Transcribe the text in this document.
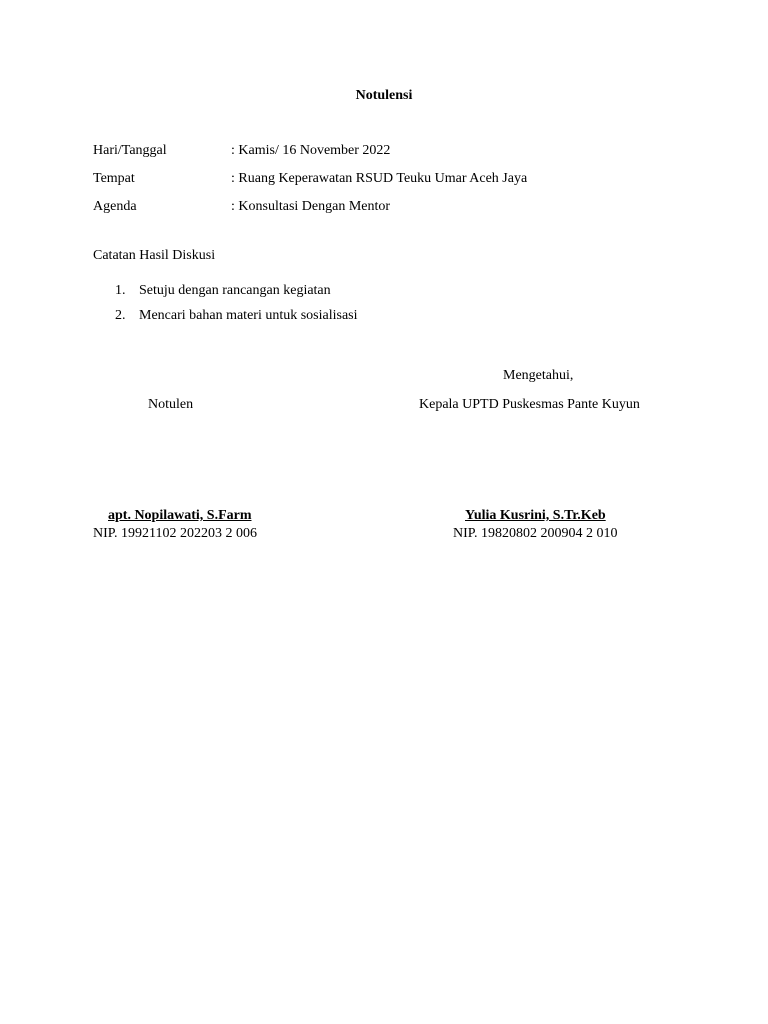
Notulensi
Hari/Tanggal	: Kamis/ 16 November 2022
Tempat	: Ruang Keperawatan RSUD Teuku Umar Aceh Jaya
Agenda	: Konsultasi Dengan Mentor
Catatan Hasil Diskusi
1. Setuju dengan rancangan kegiatan
2. Mencari bahan materi untuk sosialisasi
Mengetahui,
Notulen	Kepala UPTD Puskesmas Pante Kuyun
apt. Nopilawati, S.Farm	Yulia Kusrini, S.Tr.Keb
NIP. 19921102 202203 2 006	NIP. 19820802 200904 2 010
